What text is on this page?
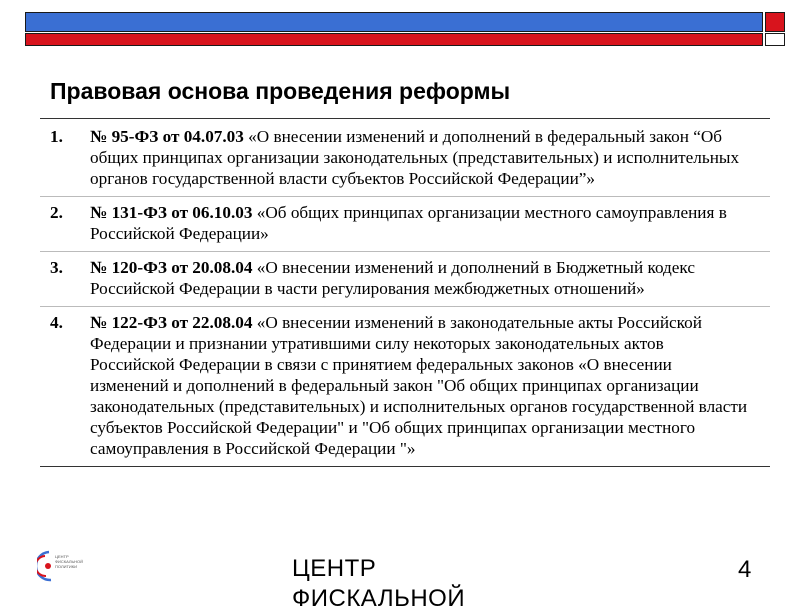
Правовая основа проведения реформы
1. № 95-ФЗ от 04.07.03 «О внесении изменений и дополнений в федеральный закон “Об общих принципах организации законодательных (представительных) и исполнительных органов государственной власти субъектов Российской Федерации”»
2. № 131-ФЗ от 06.10.03 «Об общих принципах организации местного самоуправления в Российской Федерации»
3. № 120-ФЗ от 20.08.04 «О внесении изменений и дополнений в Бюджетный кодекс Российской Федерации в части регулирования межбюджетных отношений»
4. № 122-ФЗ от 22.08.04 «О внесении изменений в законодательные акты Российской Федерации и признании утратившими силу некоторых законодательных актов Российской Федерации в связи с принятием федеральных законов «О внесении изменений и дополнений в федеральный закон "Об общих принципах организации законодательных (представительных) и исполнительных органов государственной власти субъектов Российской Федерации" и "Об общих принципах организации местного самоуправления в Российской Федерации "»
ЦЕНТР
ФИСКАЛЬНОЙ
ПОЛИТИКИ	ЦЕНТР
ФИСКАЛЬНОЙ
4
